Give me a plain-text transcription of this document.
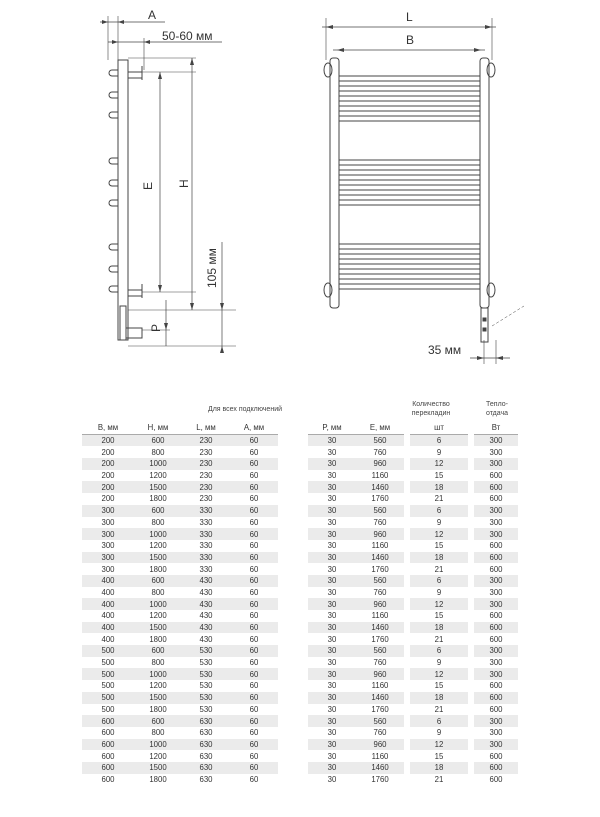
A
50-60 мм
E H
105 мм
P
L
B
35 мм
Для всех подключений
Количество
перекладин
Тепло-
отдача
B, мм	H, мм	L, мм	A, мм		P, мм	E, мм		шт		Вт
200	600	230	60		30	560		6		300
200	800	230	60		30	760		9		300
200	1000	230	60		30	960		12		300
200	1200	230	60		30	1160		15		600
200	1500	230	60		30	1460		18		600
200	1800	230	60		30	1760		21		600
300	600	330	60		30	560		6		300
300	800	330	60		30	760		9		300
300	1000	330	60		30	960		12		300
300	1200	330	60		30	1160		15		600
300	1500	330	60		30	1460		18		600
300	1800	330	60		30	1760		21		600
400	600	430	60		30	560		6		300
400	800	430	60		30	760		9		300
400	1000	430	60		30	960		12		300
400	1200	430	60		30	1160		15		600
400	1500	430	60		30	1460		18		600
400	1800	430	60		30	1760		21		600
500	600	530	60		30	560		6		300
500	800	530	60		30	760		9		300
500	1000	530	60		30	960		12		300
500	1200	530	60		30	1160		15		600
500	1500	530	60		30	1460		18		600
500	1800	530	60		30	1760		21		600
600	600	630	60		30	560		6		300
600	800	630	60		30	760		9		300
600	1000	630	60		30	960		12		300
600	1200	630	60		30	1160		15		600
600	1500	630	60		30	1460		18		600
600	1800	630	60		30	1760		21		600
